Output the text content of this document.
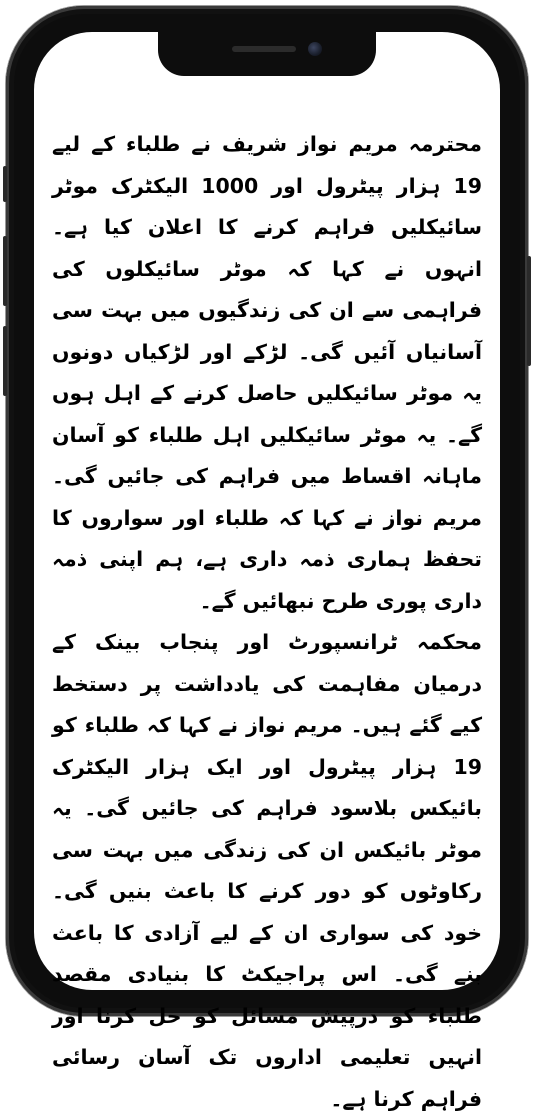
محترمہ مریم نواز شریف نے طلباء کے لیے 19 ہزار پیٹرول اور 1000 الیکٹرک موٹر سائیکلیں فراہم کرنے کا اعلان کیا ہے۔ انہوں نے کہا کہ موٹر سائیکلوں کی فراہمی سے ان کی زندگیوں میں بہت سی آسانیاں آئیں گی۔ لڑکے اور لڑکیاں دونوں یہ موٹر سائیکلیں حاصل کرنے کے اہل ہوں گے۔ یہ موٹر سائیکلیں اہل طلباء کو آسان ماہانہ اقساط میں فراہم کی جائیں گی۔ مریم نواز نے کہا کہ طلباء اور سواروں کا تحفظ ہماری ذمہ داری ہے، ہم اپنی ذمہ داری پوری طرح نبھائیں گے۔
محکمہ ٹرانسپورٹ اور پنجاب بینک کے درمیان مفاہمت کی یادداشت پر دستخط کیے گئے ہیں۔ مریم نواز نے کہا کہ طلباء کو 19 ہزار پیٹرول اور ایک ہزار الیکٹرک بائیکس بلاسود فراہم کی جائیں گی۔ یہ موٹر بائیکس ان کی زندگی میں بہت سی رکاوٹوں کو دور کرنے کا باعث بنیں گی۔ خود کی سواری ان کے لیے آزادی کا باعث بنے گی۔ اس پراجیکٹ کا بنیادی مقصد طلباء کو درپیش مسائل کو حل کرنا اور انہیں تعلیمی اداروں تک آسان رسائی فراہم کرنا ہے۔
